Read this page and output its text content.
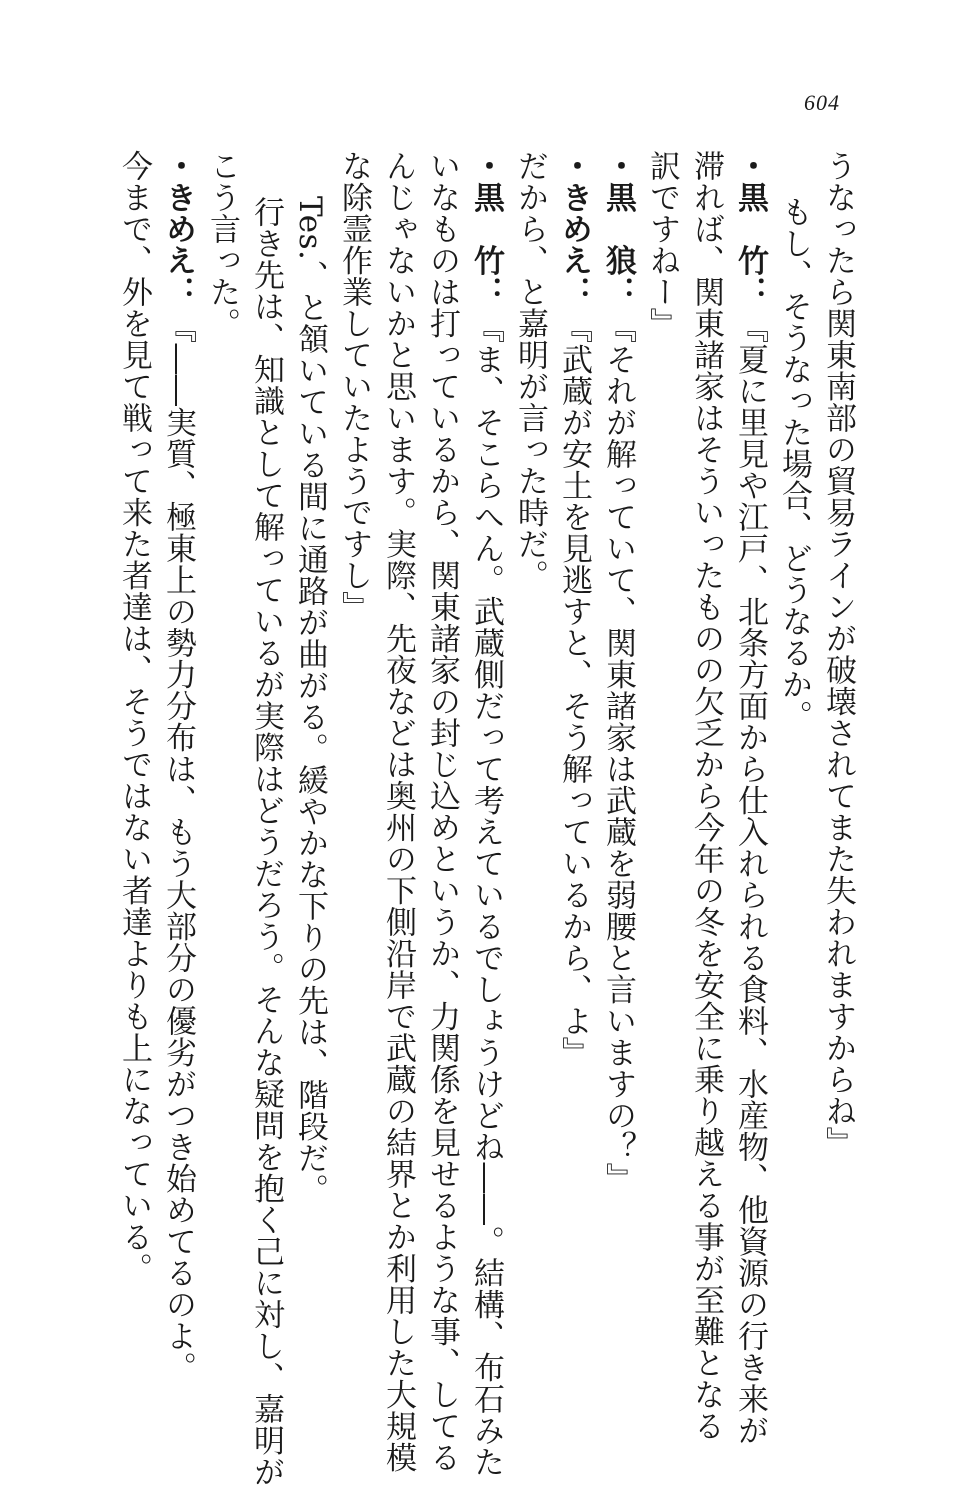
604
うなったら関東南部の貿易ラインが破壊されてまた失われますからね』
もし、そうなった場合、どうなるか。
・黒　竹：『夏に里見や江戸、北条方面から仕入れられる食料、水産物、他資源の行き来が
滞れば、関東諸家はそういったものの欠乏から今年の冬を安全に乗り越える事が至難となる
訳ですねー』
・黒　狼：『それが解っていて、関東諸家は武蔵を弱腰と言いますの？』
・きめえ：『武蔵が安土を見逃すと、そう解っているから、よ』
だから、と嘉明が言った時だ。
・黒　竹：『ま、そこらへん。武蔵側だって考えているでしょうけどね――。結構、布石みた
いなものは打っているから、関東諸家の封じ込めというか、力関係を見せるような事、してる
んじゃないかと思います。実際、先夜などは奥州の下側沿岸で武蔵の結界とか利用した大規模
な除霊作業していたようですし』
Tes.、と頷いている間に通路が曲がる。緩やかな下りの先は、階段だ。
行き先は、知識として解っているが実際はどうだろう。そんな疑問を抱く己に対し、嘉明が
こう言った。
・きめえ：『――実質、極東上の勢力分布は、もう大部分の優劣がつき始めてるのよ。
今まで、外を見て戦って来た者達は、そうではない者達よりも上になっている。
